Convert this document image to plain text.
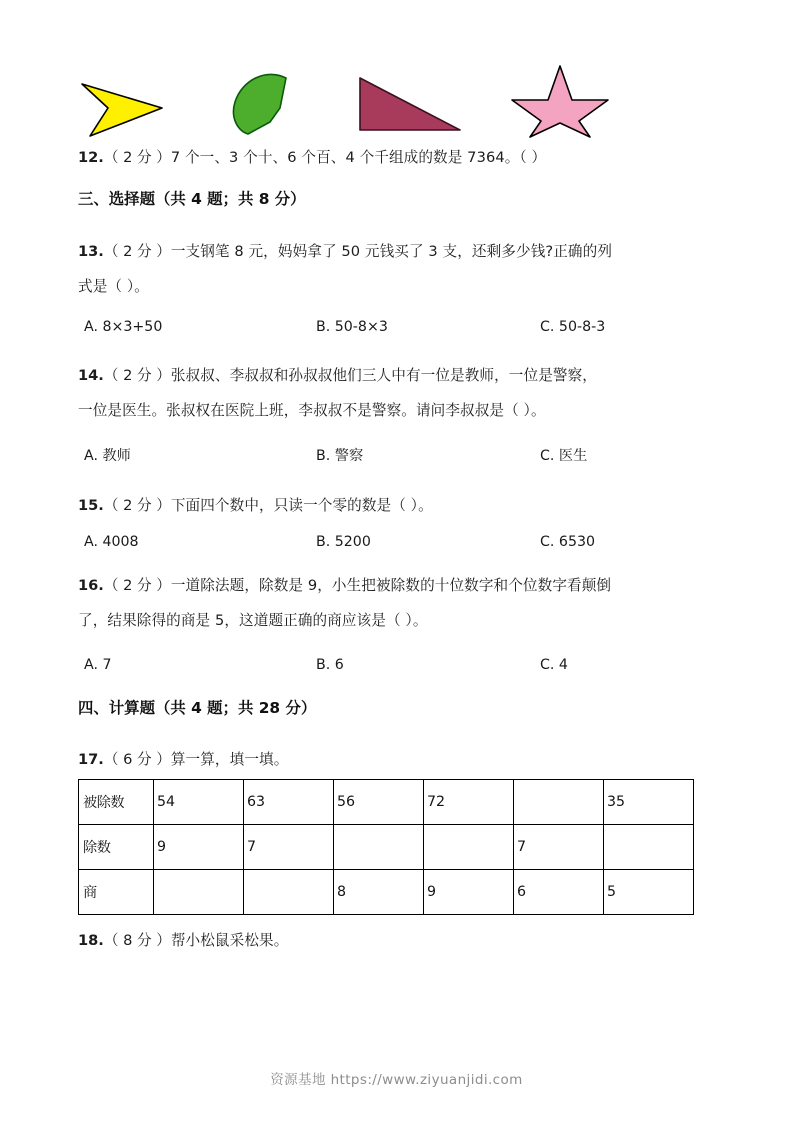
12.（ 2 分 ）7 个一、3 个十、6 个百、4 个千组成的数是 7364。（ ）
三、选择题（共 4 题；共 8 分）
13.（ 2 分 ）一支钢笔 8 元，妈妈拿了 50 元钱买了 3 支，还剩多少钱?正确的列
式是（ ）。
A. 8×3+50	B. 50-8×3	C. 50-8-3
14.（ 2 分 ）张叔叔、李叔叔和孙叔叔他们三人中有一位是教师，一位是警察，
一位是医生。张叔权在医院上班，李叔叔不是警察。请问李叔叔是（ ）。
A. 教师	B. 警察	C. 医生
15.（ 2 分 ）下面四个数中，只读一个零的数是（ ）。
A. 4008	B. 5200	C. 6530
16.（ 2 分 ）一道除法题，除数是 9，小生把被除数的十位数字和个位数字看颠倒
了，结果除得的商是 5，这道题正确的商应该是（ ）。
A. 7	B. 6	C. 4
四、计算题（共 4 题；共 28 分）
17.（ 6 分 ）算一算，填一填。
被除数	54	63	56	72		35
除数	9	7			7	
商			8	9	6	5
18.（ 8 分 ）帮小松鼠采松果。
资源基地 https://www.ziyuanjidi.com
